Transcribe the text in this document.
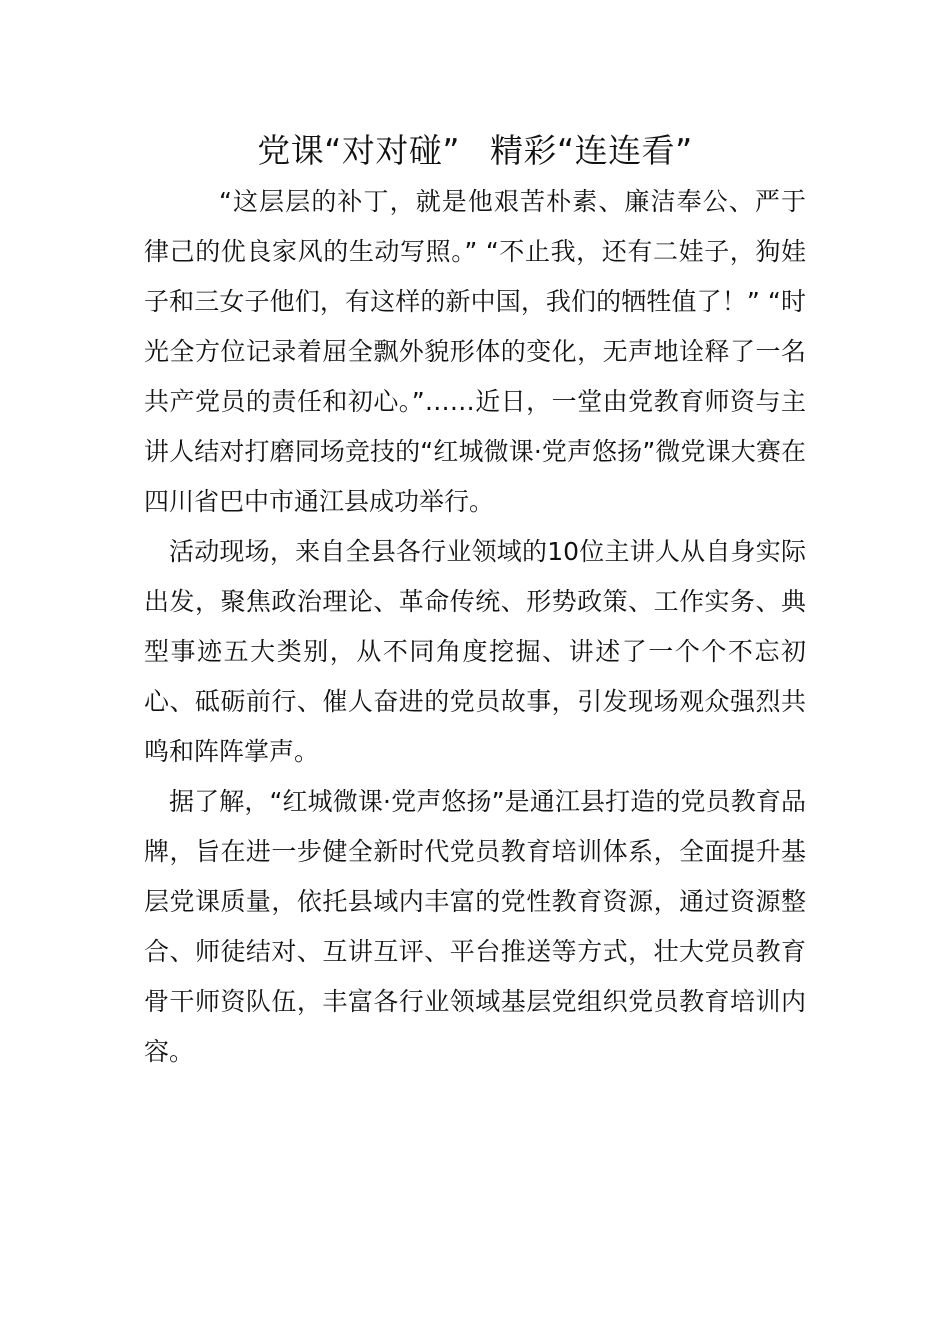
党课“对对碰” 精彩“连连看”

“这层层的补丁，就是他艰苦朴素、廉洁奉公、严于律己的优良家风的生动写照。” “不止我，还有二娃子，狗娃子和三女子他们，有这样的新中国，我们的牺牲值了！” “时光全方位记录着屈全飘外貌形体的变化，无声地诠释了一名共产党员的责任和初心。”……近日，一堂由党教育师资与主讲人结对打磨同场竞技的“红城微课·党声悠扬”微党课大赛在四川省巴中市通江县成功举行。

活动现场，来自全县各行业领域的10位主讲人从自身实际出发，聚焦政治理论、革命传统、形势政策、工作实务、典型事迹五大类别，从不同角度挖掘、讲述了一个个不忘初心、砥砺前行、催人奋进的党员故事，引发现场观众强烈共鸣和阵阵掌声。

据了解，“红城微课·党声悠扬”是通江县打造的党员教育品牌，旨在进一步健全新时代党员教育培训体系，全面提升基层党课质量，依托县域内丰富的党性教育资源，通过资源整合、师徒结对、互讲互评、平台推送等方式，壮大党员教育骨干师资队伍，丰富各行业领域基层党组织党员教育培训内容。
